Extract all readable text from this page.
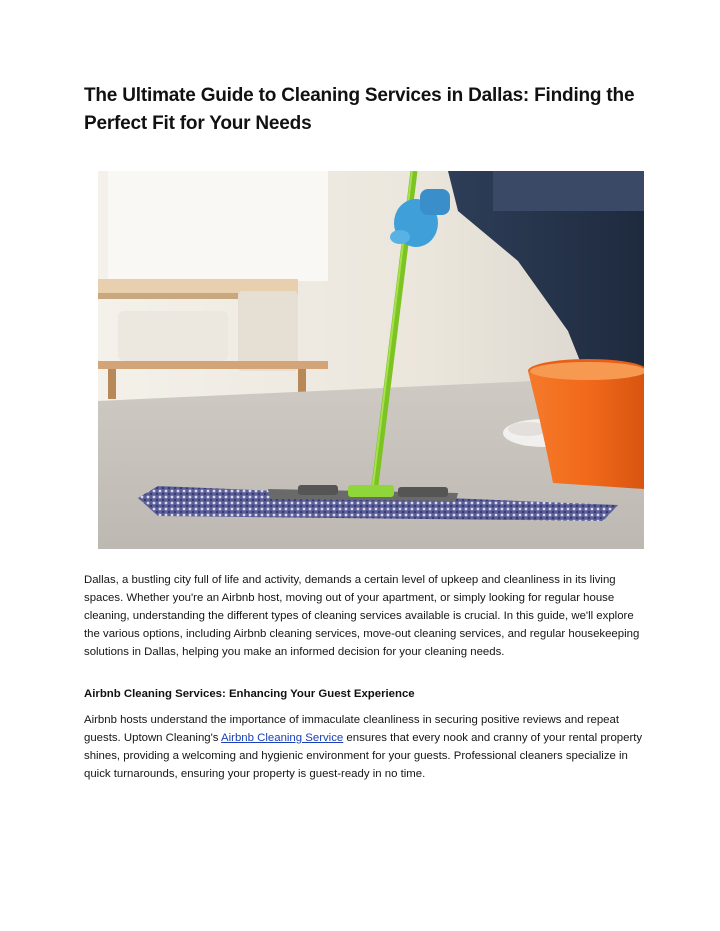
The Ultimate Guide to Cleaning Services in Dallas: Finding the Perfect Fit for Your Needs

Dallas, a bustling city full of life and activity, demands a certain level of upkeep and cleanliness in its living spaces. Whether you're an Airbnb host, moving out of your apartment, or simply looking for regular house cleaning, understanding the different types of cleaning services available is crucial. In this guide, we'll explore the various options, including Airbnb cleaning services, move-out cleaning services, and regular housekeeping solutions in Dallas, helping you make an informed decision for your cleaning needs.

Airbnb Cleaning Services: Enhancing Your Guest Experience

Airbnb hosts understand the importance of immaculate cleanliness in securing positive reviews and repeat guests. Uptown Cleaning's Airbnb Cleaning Service ensures that every nook and cranny of your rental property shines, providing a welcoming and hygienic environment for your guests. Professional cleaners specialize in quick turnarounds, ensuring your property is guest-ready in no time.
